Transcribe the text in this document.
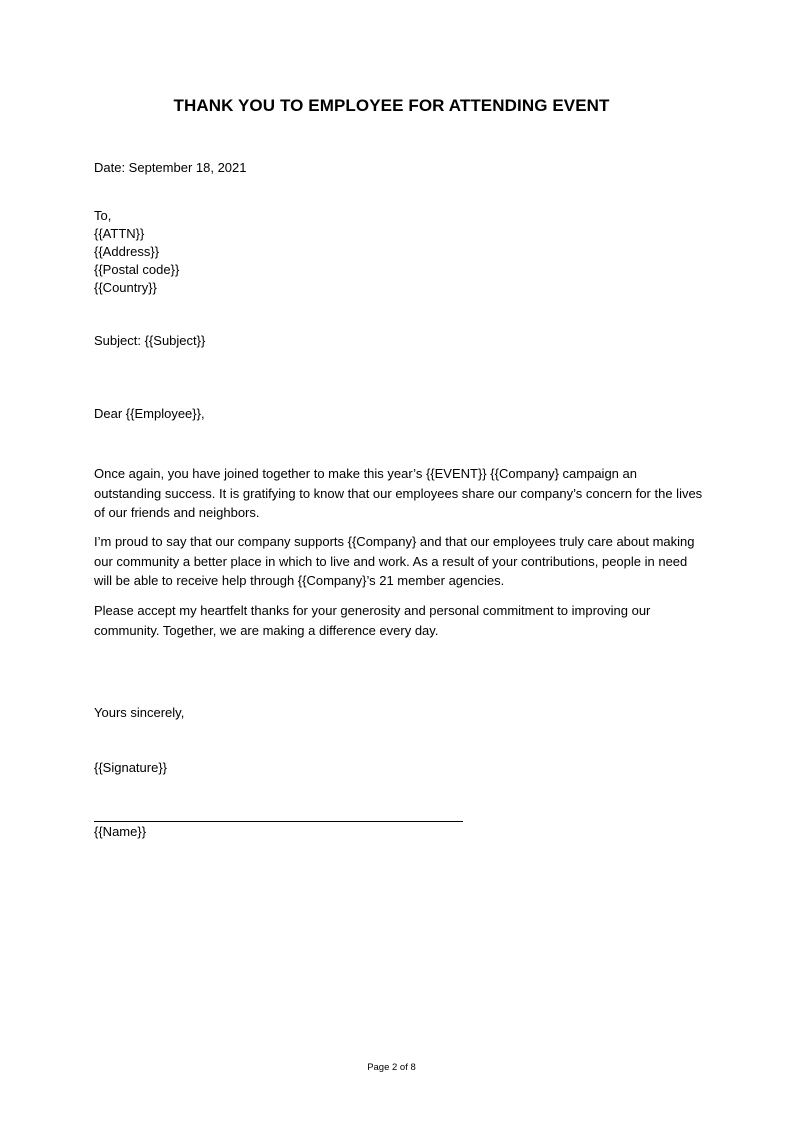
THANK YOU TO EMPLOYEE FOR ATTENDING EVENT
Date: September 18, 2021
To,
{{ATTN}}
{{Address}}
{{Postal code}}
{{Country}}
Subject: {{Subject}}
Dear {{Employee}},

Once again, you have joined together to make this year’s {{EVENT}} {{Company} campaign an outstanding success. It is gratifying to know that our employees share our company’s concern for the lives of our friends and neighbors.

I’m proud to say that our company supports {{Company} and that our employees truly care about making our community a better place in which to live and work. As a result of your contributions, people in need will be able to receive help through {{Company}’s 21 member agencies.

Please accept my heartfelt thanks for your generosity and personal commitment to improving our community. Together, we are making a difference every day.

Yours sincerely,
{{Signature}}
{{Name}}
Page 2 of 8
